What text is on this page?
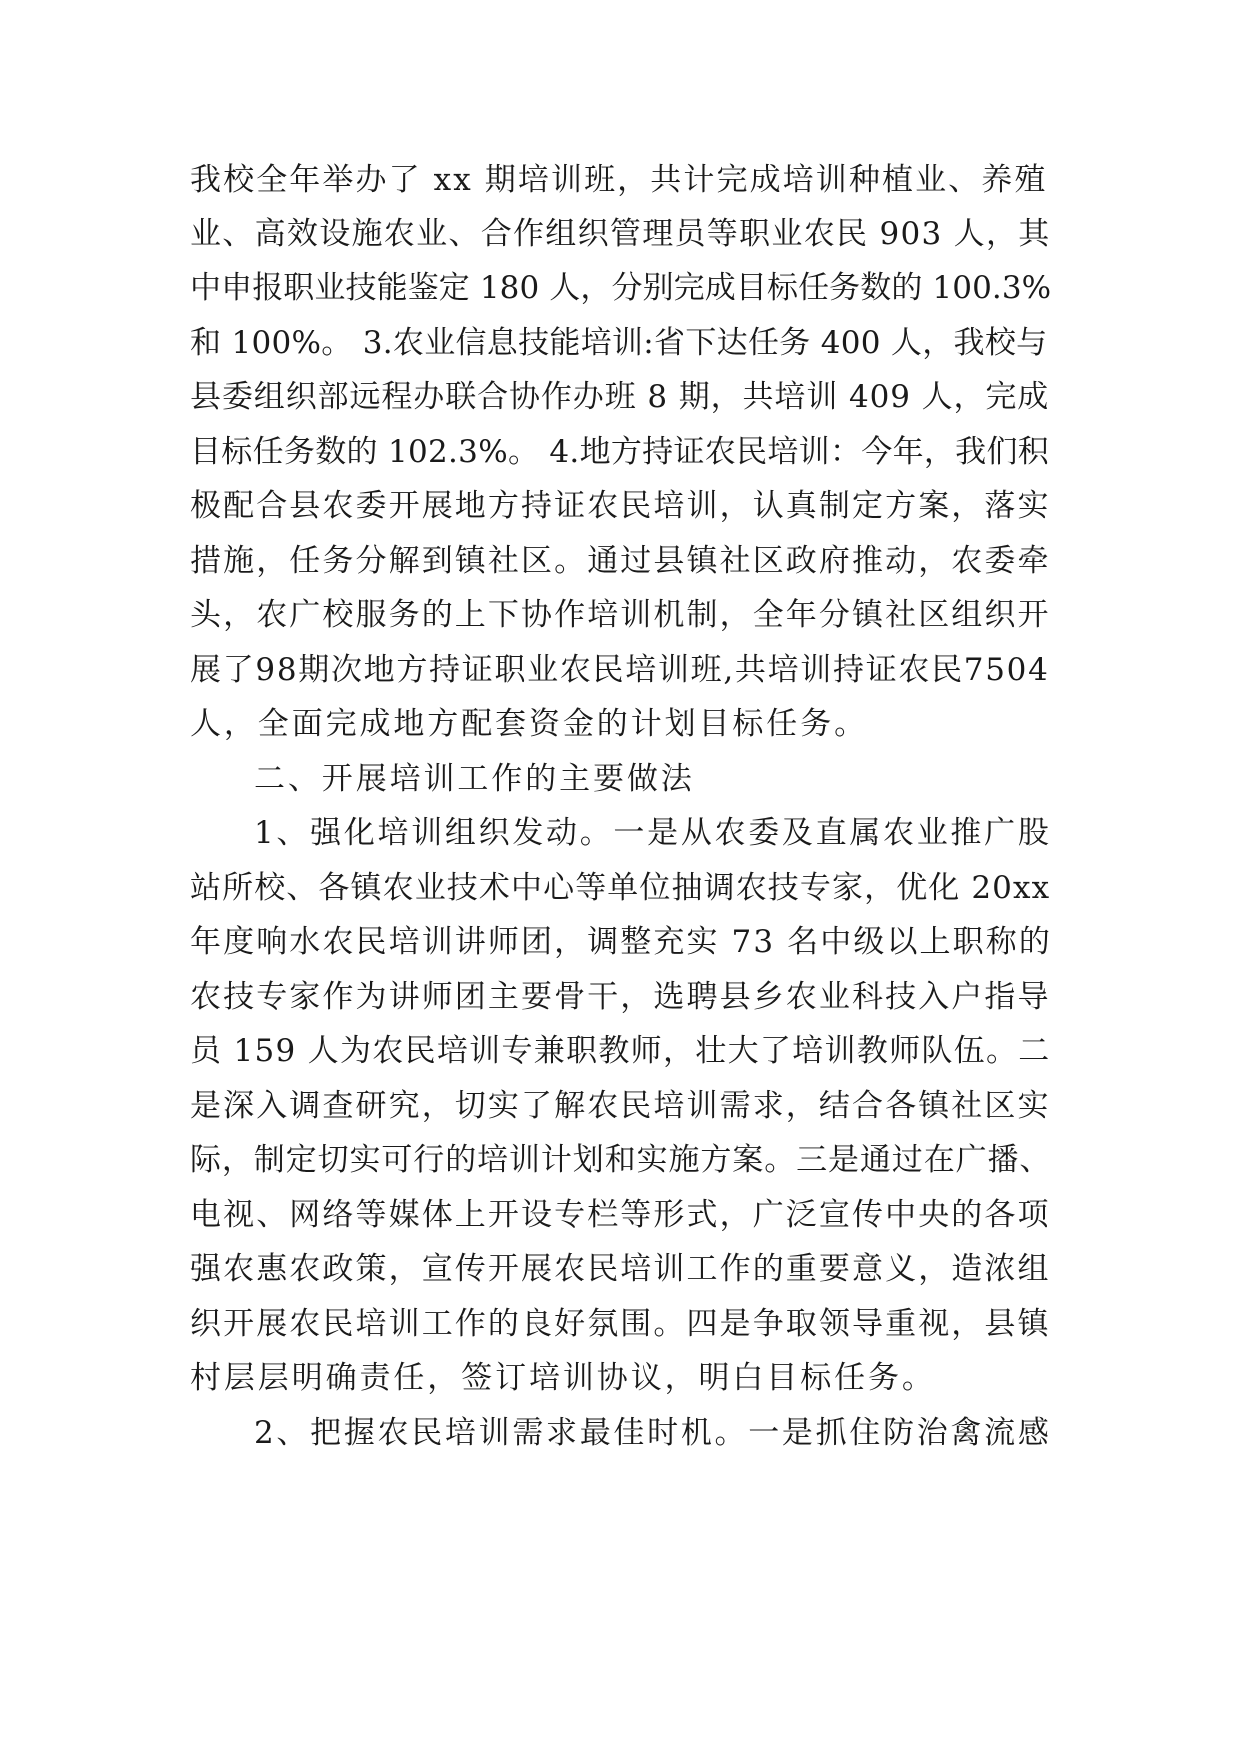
我校全年举办了 xx 期培训班，共计完成培训种植业、养殖
业、高效设施农业、合作组织管理员等职业农民 903 人，其
中申报职业技能鉴定 180 人，分别完成目标任务数的 100.3%
和 100%。 3.农业信息技能培训:省下达任务 400 人，我校与
县委组织部远程办联合协作办班 8 期，共培训 409 人，完成
目标任务数的 102.3%。 4.地方持证农民培训：今年，我们积
极配合县农委开展地方持证农民培训，认真制定方案，落实
措施，任务分解到镇社区。通过县镇社区政府推动，农委牵
头，农广校服务的上下协作培训机制，全年分镇社区组织开
展了98期次地方持证职业农民培训班,共培训持证农民7504
人，全面完成地方配套资金的计划目标任务。
二、开展培训工作的主要做法
1、强化培训组织发动。一是从农委及直属农业推广股
站所校、各镇农业技术中心等单位抽调农技专家，优化 20xx
年度响水农民培训讲师团，调整充实 73 名中级以上职称的
农技专家作为讲师团主要骨干，选聘县乡农业科技入户指导
员 159 人为农民培训专兼职教师，壮大了培训教师队伍。二
是深入调查研究，切实了解农民培训需求，结合各镇社区实
际，制定切实可行的培训计划和实施方案。三是通过在广播、
电视、网络等媒体上开设专栏等形式，广泛宣传中央的各项
强农惠农政策，宣传开展农民培训工作的重要意义，造浓组
织开展农民培训工作的良好氛围。四是争取领导重视，县镇
村层层明确责任，签订培训协议，明白目标任务。
2、把握农民培训需求最佳时机。一是抓住防治禽流感
